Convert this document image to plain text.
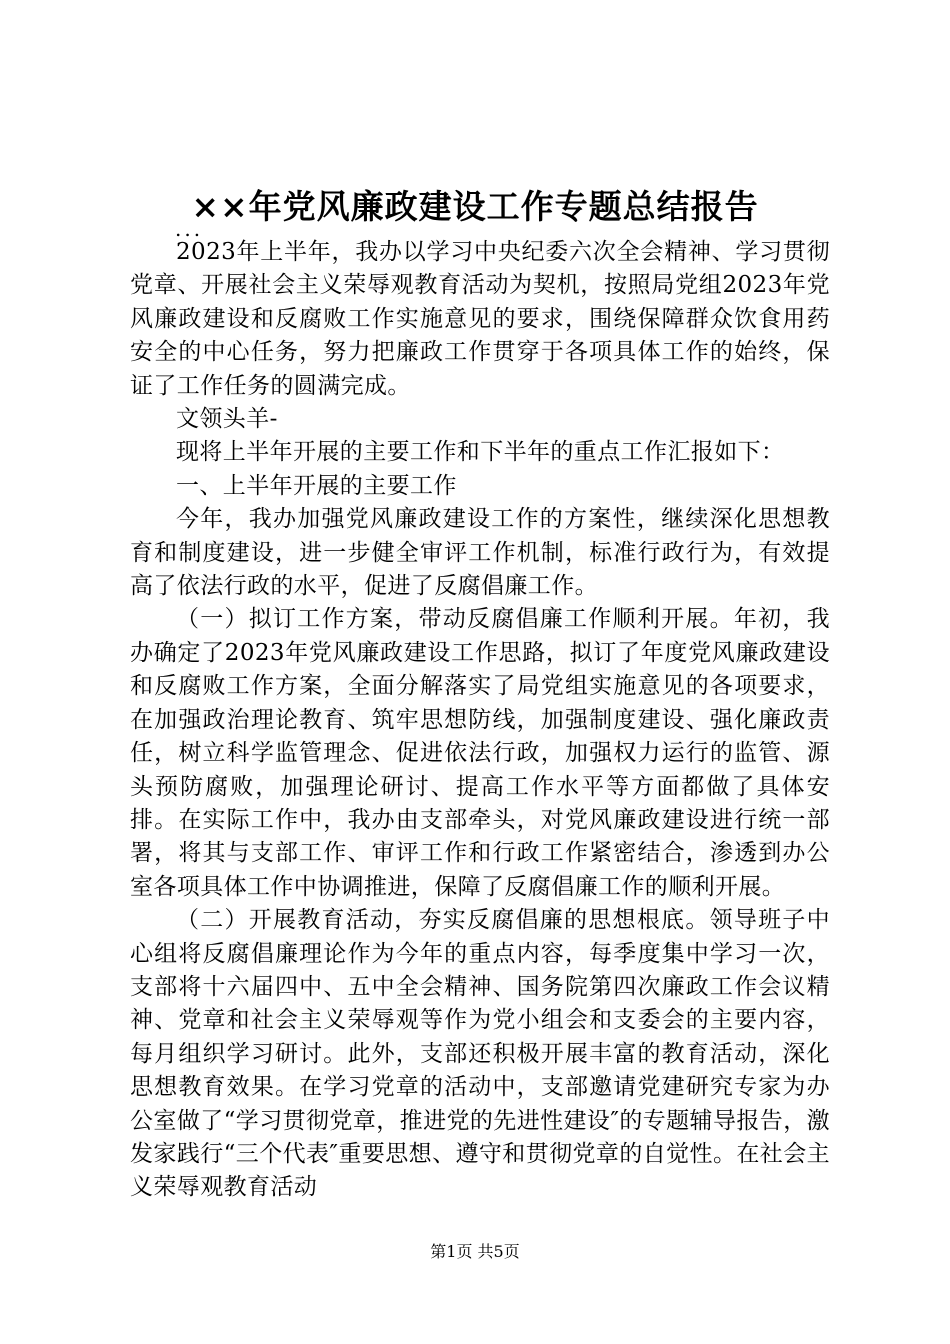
××年党风廉政建设工作专题总结报告
...

2023年上半年，我办以学习中央纪委六次全会精神、学习贯彻党章、开展社会主义荣辱观教育活动为契机，按照局党组2023年党风廉政建设和反腐败工作实施意见的要求，围绕保障群众饮食用药安全的中心任务，努力把廉政工作贯穿于各项具体工作的始终，保证了工作任务的圆满完成。

文领头羊-

现将上半年开展的主要工作和下半年的重点工作汇报如下：

一、上半年开展的主要工作

今年，我办加强党风廉政建设工作的方案性，继续深化思想教育和制度建设，进一步健全审评工作机制，标准行政行为，有效提高了依法行政的水平，促进了反腐倡廉工作。

（一）拟订工作方案，带动反腐倡廉工作顺利开展。年初，我办确定了2023年党风廉政建设工作思路，拟订了年度党风廉政建设和反腐败工作方案，全面分解落实了局党组实施意见的各项要求，在加强政治理论教育、筑牢思想防线，加强制度建设、强化廉政责任，树立科学监管理念、促进依法行政，加强权力运行的监管、源头预防腐败，加强理论研讨、提高工作水平等方面都做了具体安排。在实际工作中，我办由支部牵头，对党风廉政建设进行统一部署，将其与支部工作、审评工作和行政工作紧密结合，渗透到办公室各项具体工作中协调推进，保障了反腐倡廉工作的顺利开展。

（二）开展教育活动，夯实反腐倡廉的思想根底。领导班子中心组将反腐倡廉理论作为今年的重点内容，每季度集中学习一次，支部将十六届四中、五中全会精神、国务院第四次廉政工作会议精神、党章和社会主义荣辱观等作为党小组会和支委会的主要内容，每月组织学习研讨。此外，支部还积极开展丰富的教育活动，深化思想教育效果。在学习党章的活动中，支部邀请党建研究专家为办公室做了“学习贯彻党章，推进党的先进性建设″的专题辅导报告，激发家践行“三个代表″重要思想、遵守和贯彻党章的自觉性。在社会主义荣辱观教育活动

第1页 共5页
